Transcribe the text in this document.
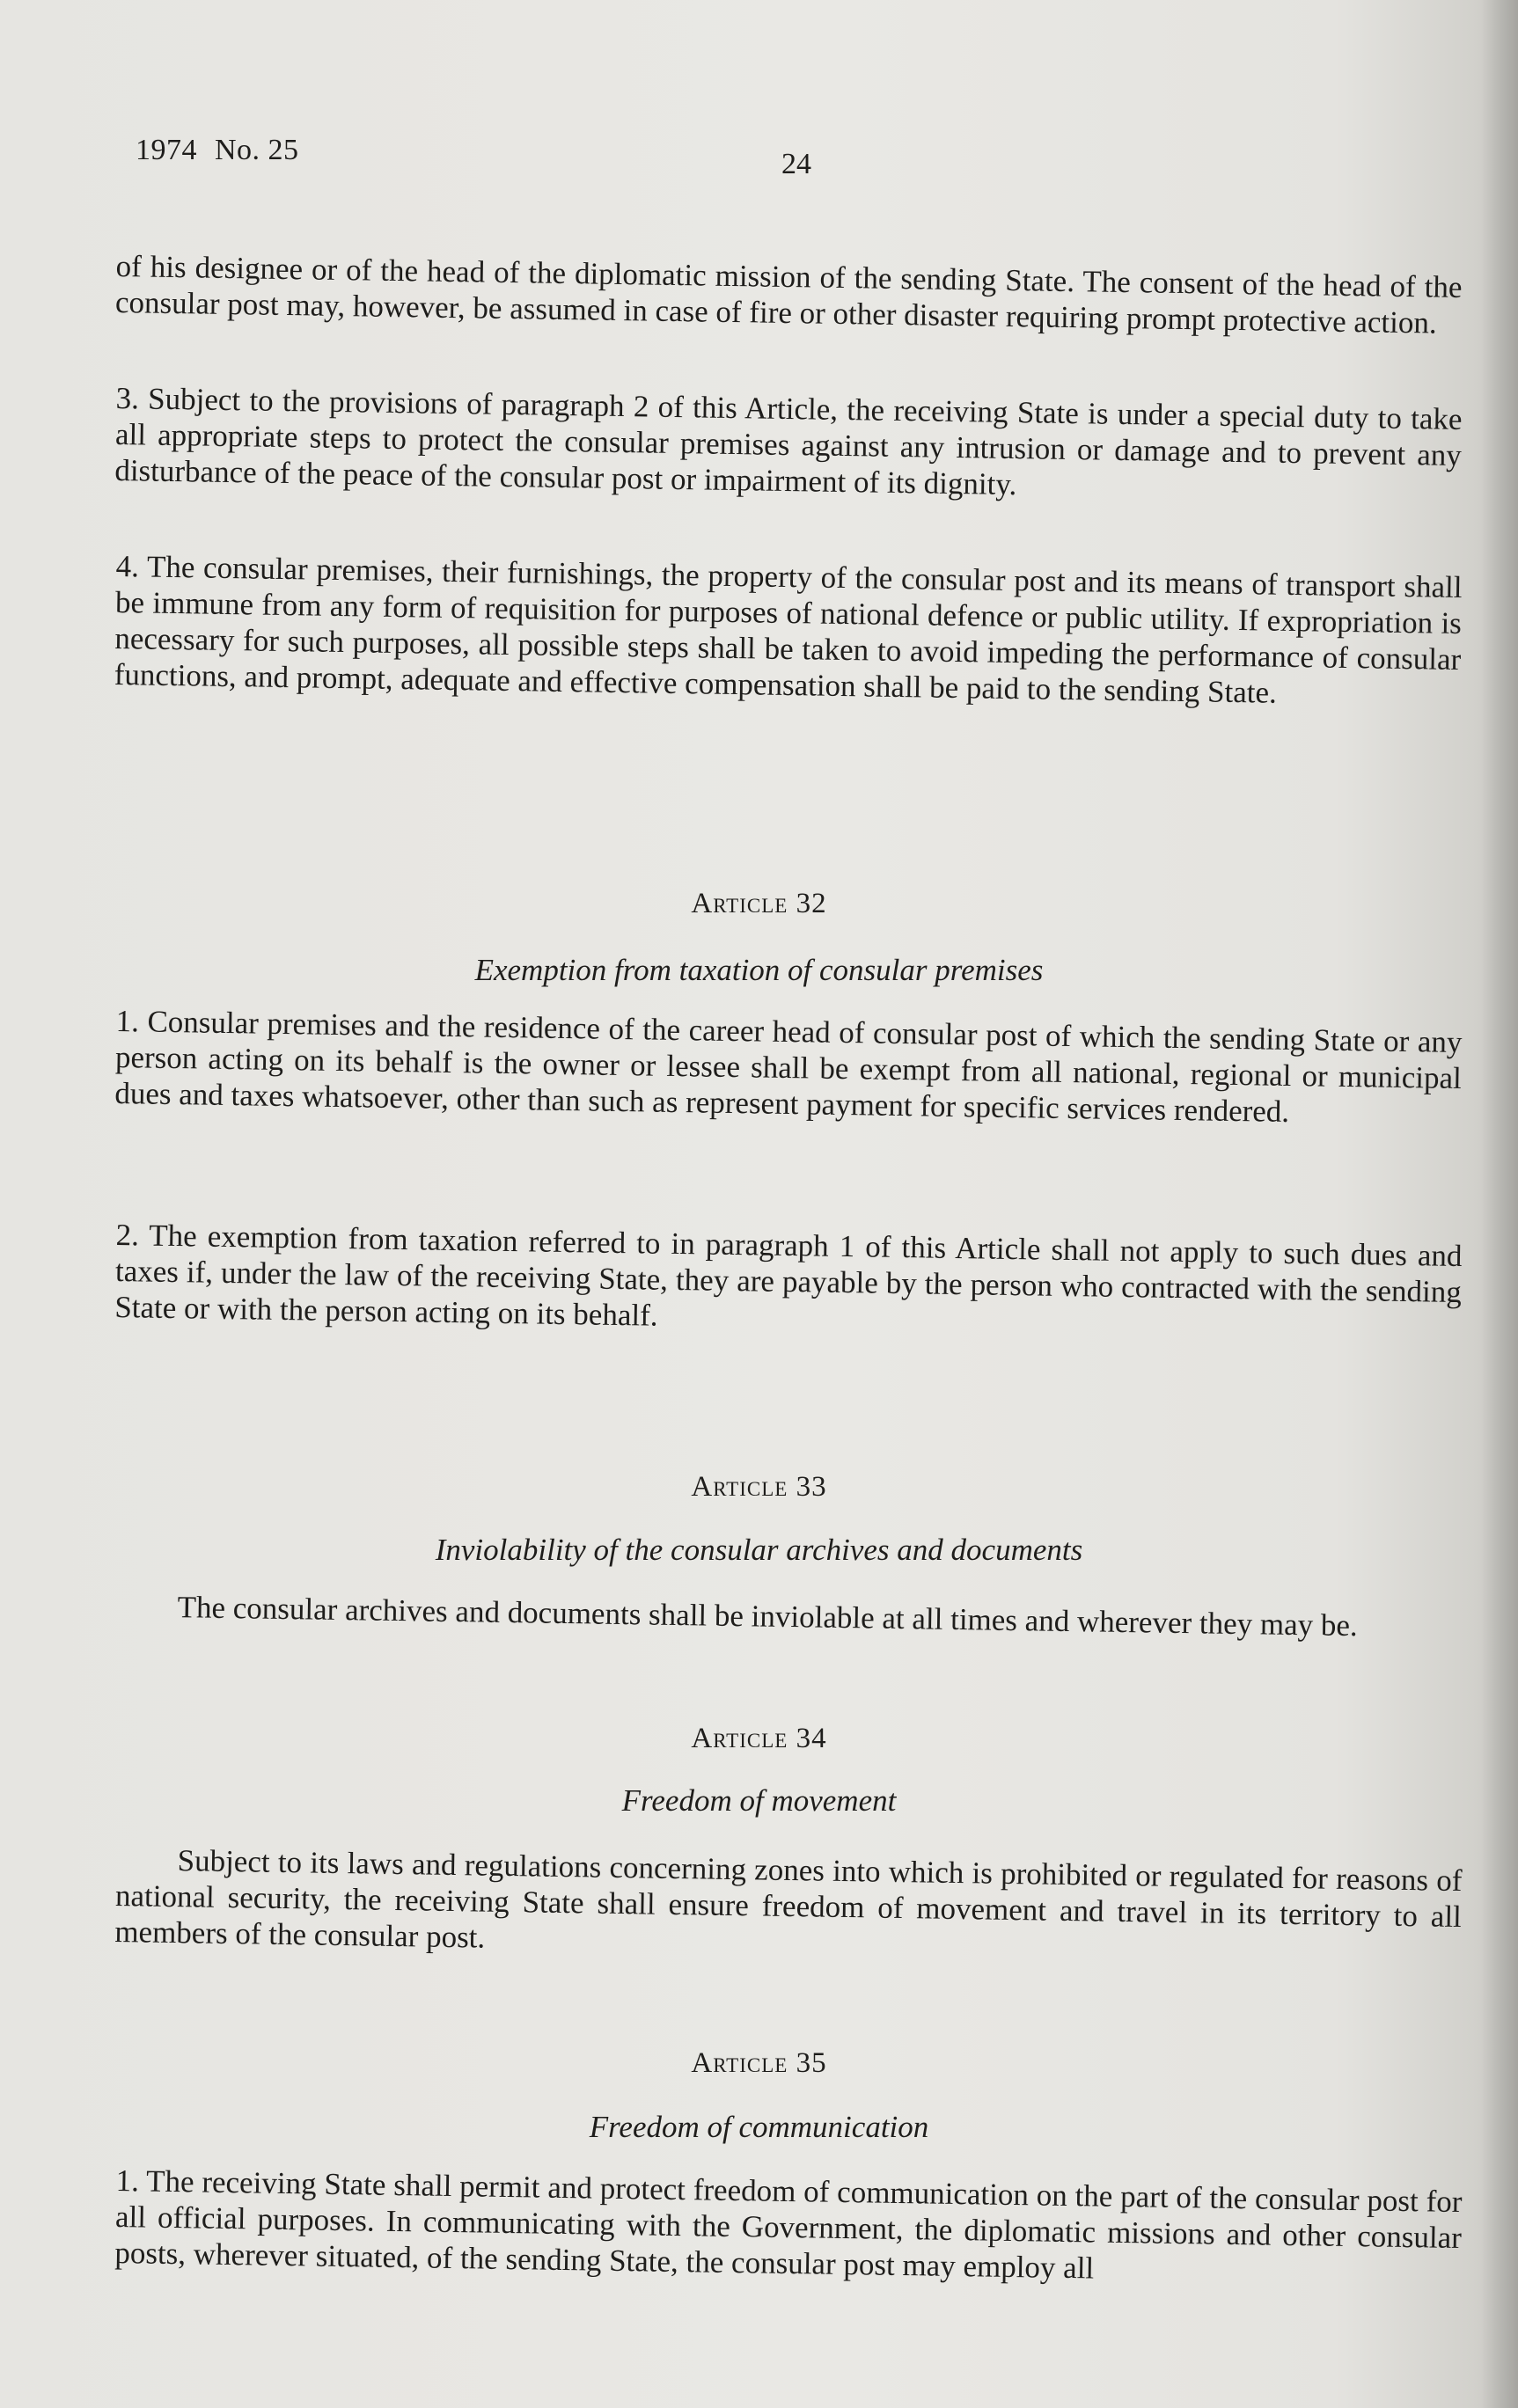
1974 No. 25	24

of his designee or of the head of the diplomatic mission of the sending State. The consent of the head of the consular post may, however, be assumed in case of fire or other disaster requiring prompt protective action.

3. Subject to the provisions of paragraph 2 of this Article, the receiving State is under a special duty to take all appropriate steps to protect the consular premises against any intrusion or damage and to prevent any disturbance of the peace of the consular post or impairment of its dignity.

4. The consular premises, their furnishings, the property of the consular post and its means of transport shall be immune from any form of requisition for purposes of national defence or public utility. If expropriation is necessary for such purposes, all possible steps shall be taken to avoid impeding the performance of consular functions, and prompt, adequate and effective compensation shall be paid to the sending State.

Article 32
Exemption from taxation of consular premises

1. Consular premises and the residence of the career head of consular post of which the sending State or any person acting on its behalf is the owner or lessee shall be exempt from all national, regional or municipal dues and taxes whatsoever, other than such as represent payment for specific services rendered.

2. The exemption from taxation referred to in paragraph 1 of this Article shall not apply to such dues and taxes if, under the law of the receiving State, they are payable by the person who contracted with the sending State or with the person acting on its behalf.

Article 33
Inviolability of the consular archives and documents

The consular archives and documents shall be inviolable at all times and wherever they may be.

Article 34
Freedom of movement

Subject to its laws and regulations concerning zones into which is prohibited or regulated for reasons of national security, the receiving State shall ensure freedom of movement and travel in its territory to all members of the consular post.

Article 35
Freedom of communication

1. The receiving State shall permit and protect freedom of communication on the part of the consular post for all official purposes. In communicating with the Government, the diplomatic missions and other consular posts, wherever situated, of the sending State, the consular post may employ all
